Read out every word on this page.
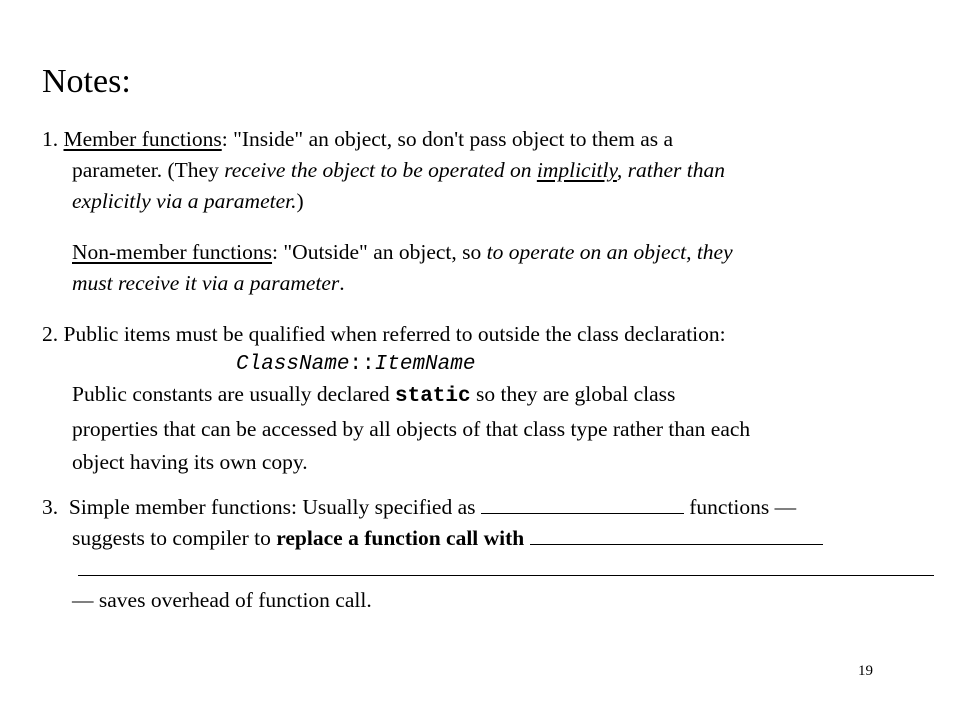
Notes:
1. Member functions: "Inside" an object, so don't pass object to them as a
parameter. (They receive the object to be operated on implicitly, rather than
explicitly via a parameter.)
Non-member functions: "Outside" an object, so to operate on an object, they
must receive it via a parameter.
2. Public items must be qualified when referred to outside the class declaration:
ClassName::ItemName
Public constants are usually declared static so they are global class
properties that can be accessed by all objects of that class type rather than each
object having its own copy.
3. Simple member functions: Usually specified as	functions —
suggests to compiler to replace a function call with
— saves overhead of function call.
19
